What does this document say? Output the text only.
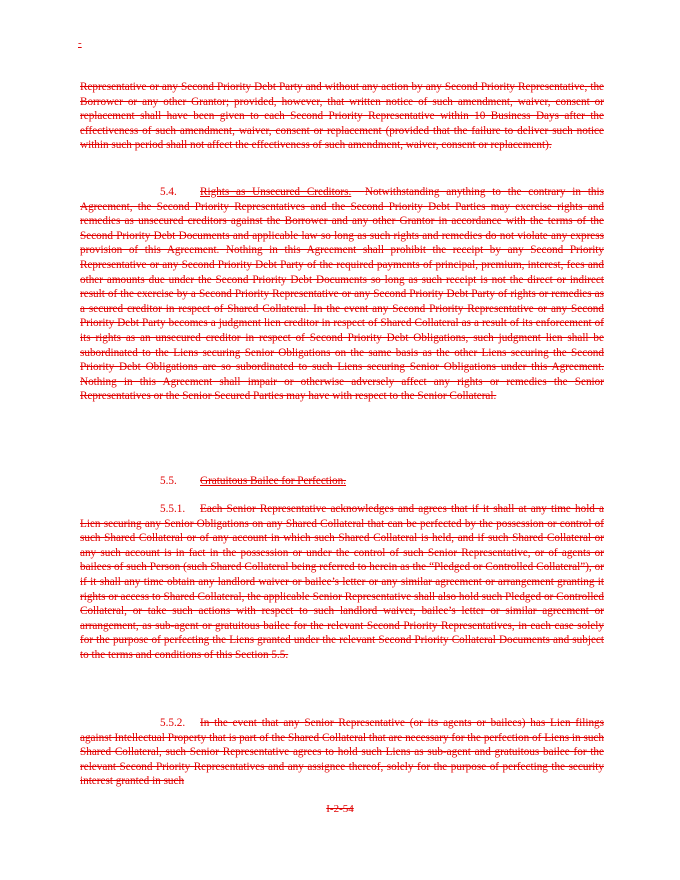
-

Representative or any Second Priority Debt Party and without any action by any Second Priority Representative, the Borrower or any other Grantor; provided, however, that written notice of such amendment, waiver, consent or replacement shall have been given to each Second Priority Representative within 10 Business Days after the effectiveness of such amendment, waiver, consent or replacement (provided that the failure to deliver such notice within such period shall not affect the effectiveness of such amendment, waiver, consent or replacement).

5.4. Rights as Unsecured Creditors. Notwithstanding anything to the contrary in this Agreement, the Second Priority Representatives and the Second Priority Debt Parties may exercise rights and remedies as unsecured creditors against the Borrower and any other Grantor in accordance with the terms of the Second Priority Debt Documents and applicable law so long as such rights and remedies do not violate any express provision of this Agreement. Nothing in this Agreement shall prohibit the receipt by any Second Priority Representative or any Second Priority Debt Party of the required payments of principal, premium, interest, fees and other amounts due under the Second Priority Debt Documents so long as such receipt is not the direct or indirect result of the exercise by a Second Priority Representative or any Second Priority Debt Party of rights or remedies as a secured creditor in respect of Shared Collateral. In the event any Second Priority Representative or any Second Priority Debt Party becomes a judgment lien creditor in respect of Shared Collateral as a result of its enforcement of its rights as an unsecured creditor in respect of Second Priority Debt Obligations, such judgment lien shall be subordinated to the Liens securing Senior Obligations on the same basis as the other Liens securing the Second Priority Debt Obligations are so subordinated to such Liens securing Senior Obligations under this Agreement. Nothing in this Agreement shall impair or otherwise adversely affect any rights or remedies the Senior Representatives or the Senior Secured Parties may have with respect to the Senior Collateral.

5.5. Gratuitous Bailee for Perfection.

5.5.1. Each Senior Representative acknowledges and agrees that if it shall at any time hold a Lien securing any Senior Obligations on any Shared Collateral that can be perfected by the possession or control of such Shared Collateral or of any account in which such Shared Collateral is held, and if such Shared Collateral or any such account is in fact in the possession or under the control of such Senior Representative, or of agents or bailees of such Person (such Shared Collateral being referred to herein as the “Pledged or Controlled Collateral”), or if it shall any time obtain any landlord waiver or bailee’s letter or any similar agreement or arrangement granting it rights or access to Shared Collateral, the applicable Senior Representative shall also hold such Pledged or Controlled Collateral, or take such actions with respect to such landlord waiver, bailee’s letter or similar agreement or arrangement, as sub-agent or gratuitous bailee for the relevant Second Priority Representatives, in each case solely for the purpose of perfecting the Liens granted under the relevant Second Priority Collateral Documents and subject to the terms and conditions of this Section 5.5.

5.5.2. In the event that any Senior Representative (or its agents or bailees) has Lien filings against Intellectual Property that is part of the Shared Collateral that are necessary for the perfection of Liens in such Shared Collateral, such Senior Representative agrees to hold such Liens as sub-agent and gratuitous bailee for the relevant Second Priority Representatives and any assignee thereof, solely for the purpose of perfecting the security interest granted in such

I-2-54
